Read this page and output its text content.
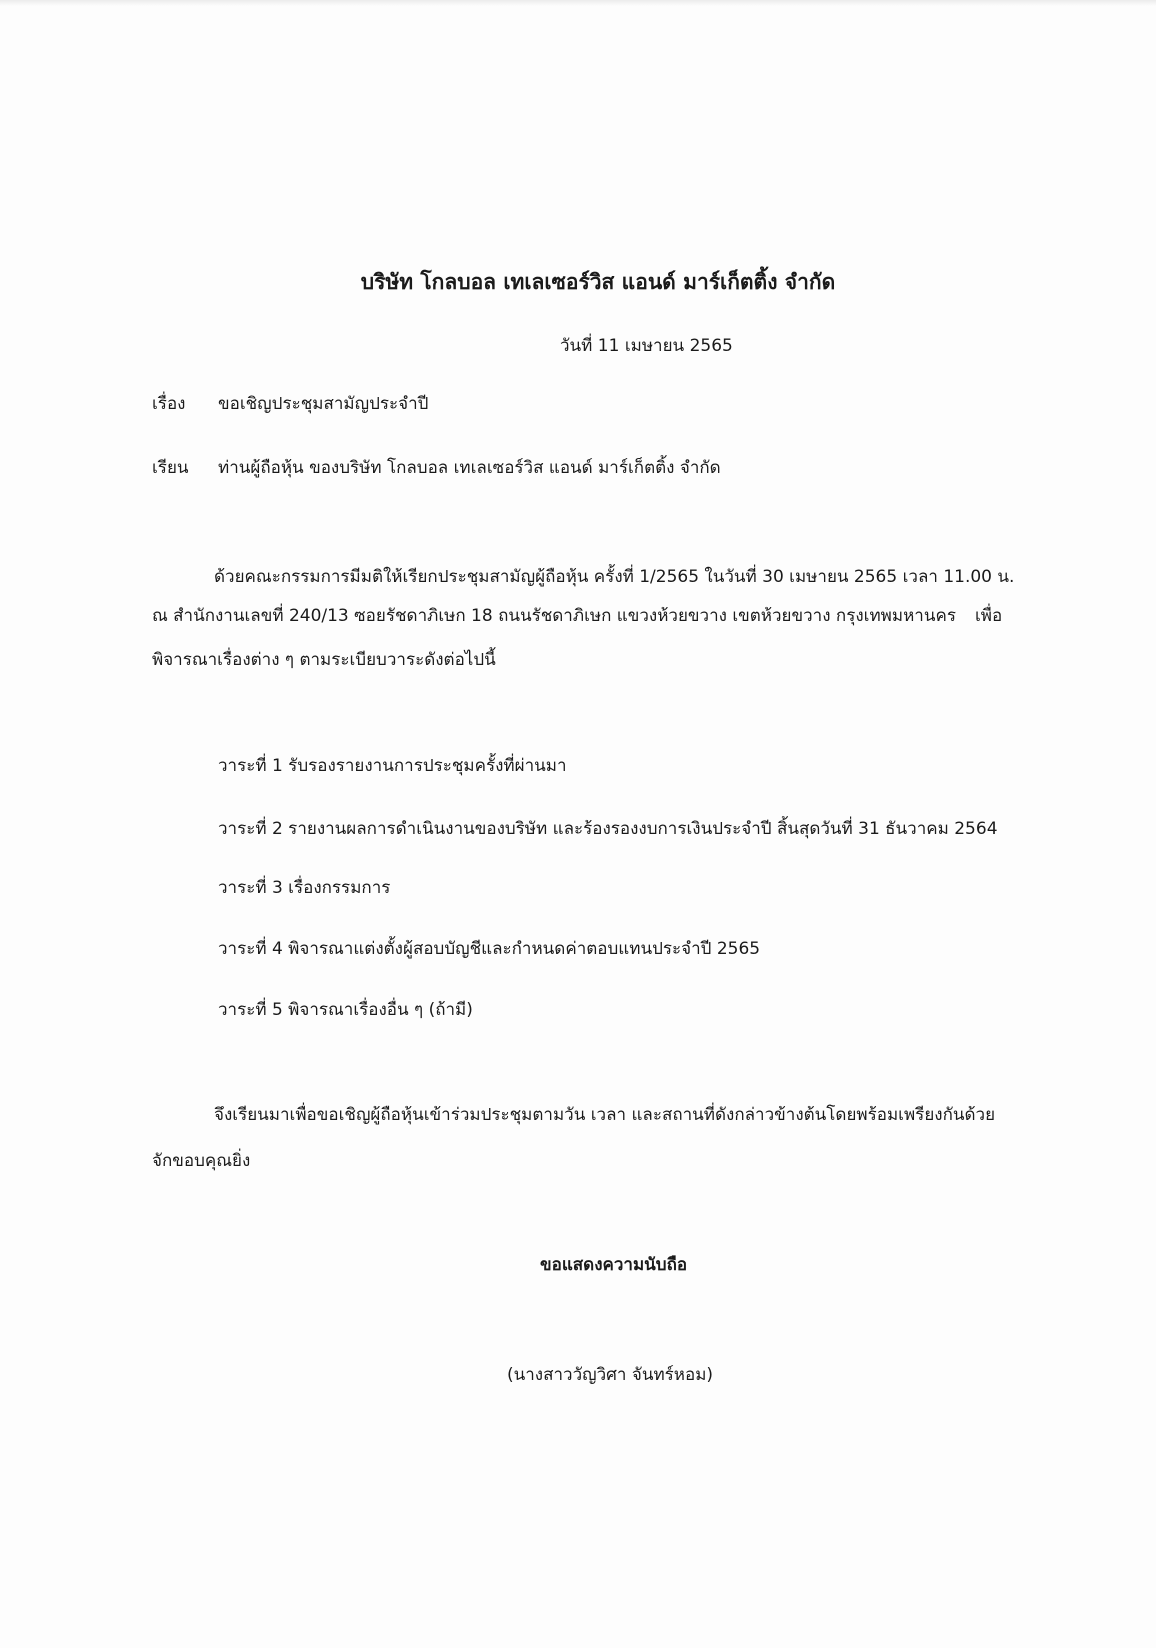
บริษัท โกลบอล เทเลเซอร์วิส แอนด์ มาร์เก็ตติ้ง จำกัด
วันที่ 11 เมษายน 2565
เรื่อง ขอเชิญประชุมสามัญประจำปี
เรียน ท่านผู้ถือหุ้น ของบริษัท โกลบอล เทเลเซอร์วิส แอนด์ มาร์เก็ตติ้ง จำกัด
ด้วยคณะกรรมการมีมติให้เรียกประชุมสามัญผู้ถือหุ้น ครั้งที่ 1/2565 ในวันที่ 30 เมษายน 2565 เวลา 11.00 น.
ณ สำนักงานเลขที่ 240/13 ซอยรัชดาภิเษก 18 ถนนรัชดาภิเษก แขวงห้วยขวาง เขตห้วยขวาง กรุงเทพมหานคร เพื่อ
พิจารณาเรื่องต่าง ๆ ตามระเบียบวาระดังต่อไปนี้
วาระที่ 1 รับรองรายงานการประชุมครั้งที่ผ่านมา
วาระที่ 2 รายงานผลการดำเนินงานของบริษัท และร้องรองงบการเงินประจำปี สิ้นสุดวันที่ 31 ธันวาคม 2564
วาระที่ 3 เรื่องกรรมการ
วาระที่ 4 พิจารณาแต่งตั้งผู้สอบบัญชีและกำหนดค่าตอบแทนประจำปี 2565
วาระที่ 5 พิจารณาเรื่องอื่น ๆ (ถ้ามี)
จึงเรียนมาเพื่อขอเชิญผู้ถือหุ้นเข้าร่วมประชุมตามวัน เวลา และสถานที่ดังกล่าวข้างต้นโดยพร้อมเพรียงกันด้วย
จักขอบคุณยิ่ง
ขอแสดงความนับถือ
(นางสาววัญวิศา จันทร์หอม)
